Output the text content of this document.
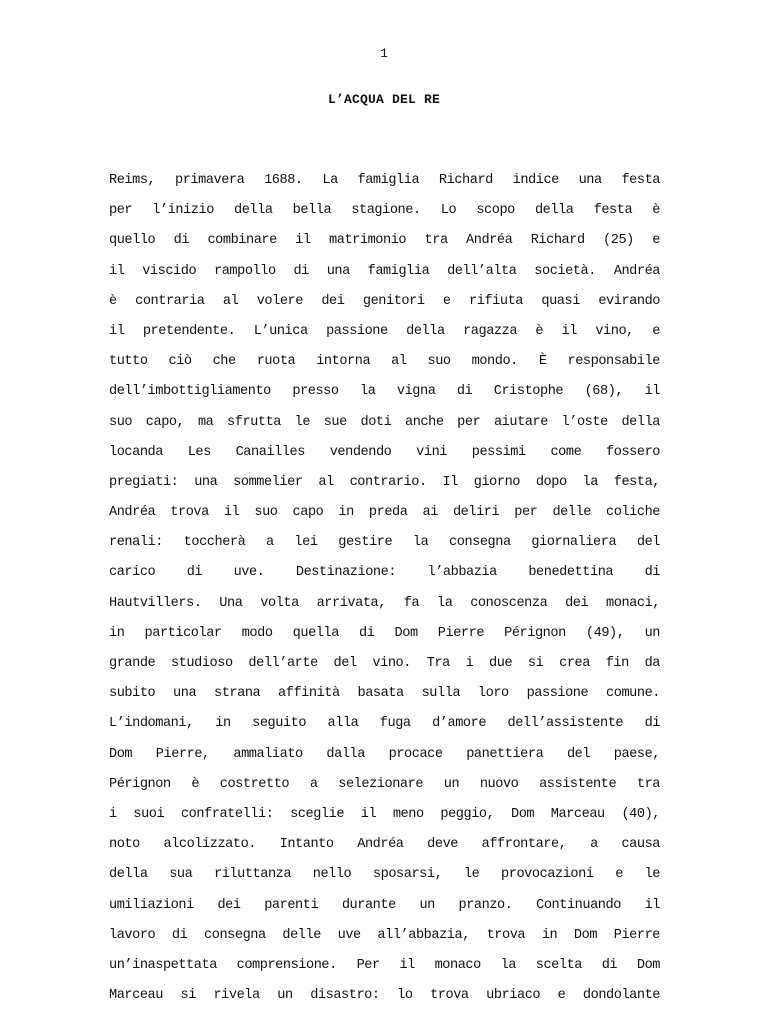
1
L’ACQUA DEL RE
Reims, primavera 1688. La famiglia Richard indice una festa
per l’inizio della bella stagione. Lo scopo della festa è
quello di combinare il matrimonio tra Andréa Richard (25) e
il viscido rampollo di una famiglia dell’alta società. Andréa
è contraria al volere dei genitori e rifiuta quasi evirando
il pretendente. L’unica passione della ragazza è il vino, e
tutto ciò che ruota intorna al suo mondo. È responsabile
dell’imbottigliamento presso la vigna di Cristophe (68), il
suo capo, ma sfrutta le sue doti anche per aiutare l’oste della
locanda Les Canailles vendendo vini pessimi come fossero
pregiati: una sommelier al contrario. Il giorno dopo la festa,
Andréa trova il suo capo in preda ai deliri per delle coliche
renali: toccherà a lei gestire la consegna giornaliera del
carico di uve. Destinazione: l’abbazia benedettina di
Hautvillers. Una volta arrivata, fa la conoscenza dei monaci,
in particolar modo quella di Dom Pierre Pérignon (49), un
grande studioso dell’arte del vino. Tra i due si crea fin da
subito una strana affinità basata sulla loro passione comune.
L’indomani, in seguito alla fuga d’amore dell’assistente di
Dom Pierre, ammaliato dalla procace panettiera del paese,
Pérignon è costretto a selezionare un nuovo assistente tra
i suoi confratelli: sceglie il meno peggio, Dom Marceau (40),
noto alcolizzato. Intanto Andréa deve affrontare, a causa
della sua riluttanza nello sposarsi, le provocazioni e le
umiliazioni dei parenti durante un pranzo. Continuando il
lavoro di consegna delle uve all’abbazia, trova in Dom Pierre
un’inaspettata comprensione. Per il monaco la scelta di Dom
Marceau si rivela un disastro: lo trova ubriaco e dondolante
